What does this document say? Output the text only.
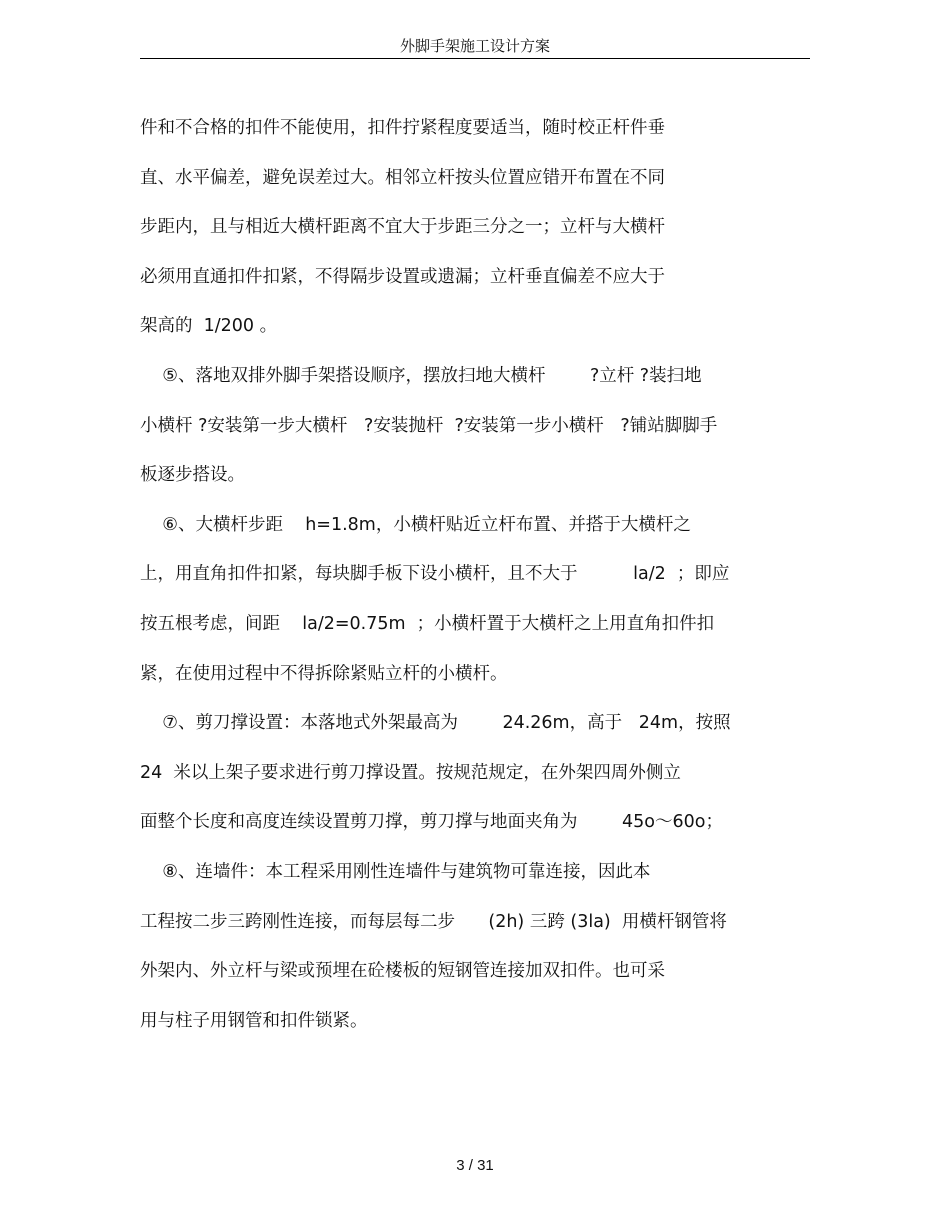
外脚手架施工设计方案
件和不合格的扣件不能使用，扣件拧紧程度要适当，随时校正杆件垂
直、水平偏差，避免误差过大。相邻立杆按头位置应错开布置在不同
步距内，且与相近大横杆距离不宜大于步距三分之一；立杆与大横杆
必须用直通扣件扣紧，不得隔步设置或遗漏；立杆垂直偏差不应大于
架高的  1/200 。
⑤、落地双排外脚手架搭设顺序，摆放扫地大横杆        ?立杆 ?装扫地
小横杆 ?安装第一步大横杆   ?安装抛杆  ?安装第一步小横杆   ?铺站脚脚手
板逐步搭设。
⑥、大横杆步距    h=1.8m，小横杆贴近立杆布置、并搭于大横杆之
上，用直角扣件扣紧，每块脚手板下设小横杆，且不大于          la/2  ；即应
按五根考虑，间距    la/2=0.75m  ；小横杆置于大横杆之上用直角扣件扣
紧，在使用过程中不得拆除紧贴立杆的小横杆。
⑦、剪刀撑设置：本落地式外架最高为        24.26m，高于   24m，按照
24  米以上架子要求进行剪刀撑设置。按规范规定，在外架四周外侧立
面整个长度和高度连续设置剪刀撑，剪刀撑与地面夹角为        45o～60o；
⑧、连墙件：本工程采用刚性连墙件与建筑物可靠连接，因此本
工程按二步三跨刚性连接，而每层每二步      (2h) 三跨 (3la)  用横杆钢管将
外架内、外立杆与梁或预埋在砼楼板的短钢管连接加双扣件。也可采
用与柱子用钢管和扣件锁紧。
3 / 31
